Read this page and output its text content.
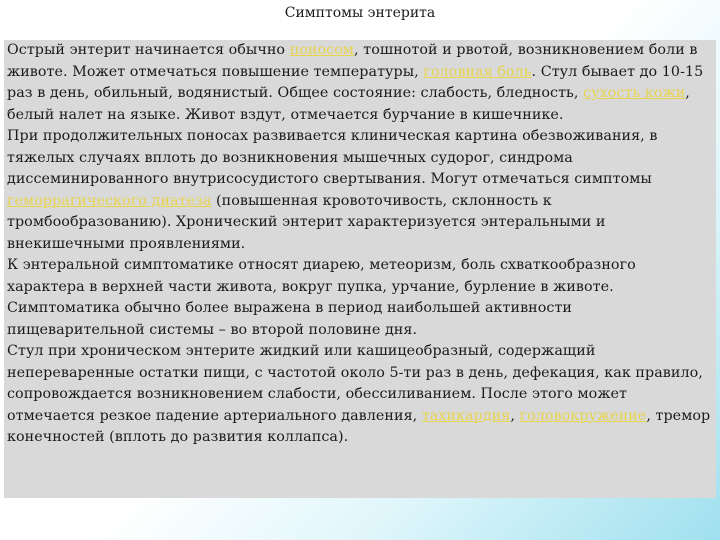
Симптомы энтерита

Острый энтерит начинается обычно поносом, тошнотой и рвотой, возникновением боли в животе. Может отмечаться повышение температуры, головная боль. Стул бывает до 10-15 раз в день, обильный, водянистый. Общее состояние: слабость, бледность, сухость кожи, белый налет на языке. Живот вздут, отмечается бурчание в кишечнике.

При продолжительных поносах развивается клиническая картина обезвоживания, в тяжелых случаях вплоть до возникновения мышечных судорог, синдрома диссеминированного внутрисосудистого свертывания. Могут отмечаться симптомы геморрагического диатеза (повышенная кровоточивость, склонность к тромбообразованию). Хронический энтерит характеризуется энтеральными и внекишечными проявлениями.

К энтеральной симптоматике относят диарею, метеоризм, боль схваткообразного характера в верхней части живота, вокруг пупка, урчание, бурление в животе. Симптоматика обычно более выражена в период наибольшей активности пищеварительной системы – во второй половине дня.

Стул при хроническом энтерите жидкий или кашицеобразный, содержащий непереваренные остатки пищи, с частотой около 5-ти раз в день, дефекация, как правило, сопровождается возникновением слабости, обессиливанием. После этого может отмечается резкое падение артериального давления, тахикардия, головокружение, тремор конечностей (вплоть до развития коллапса).
